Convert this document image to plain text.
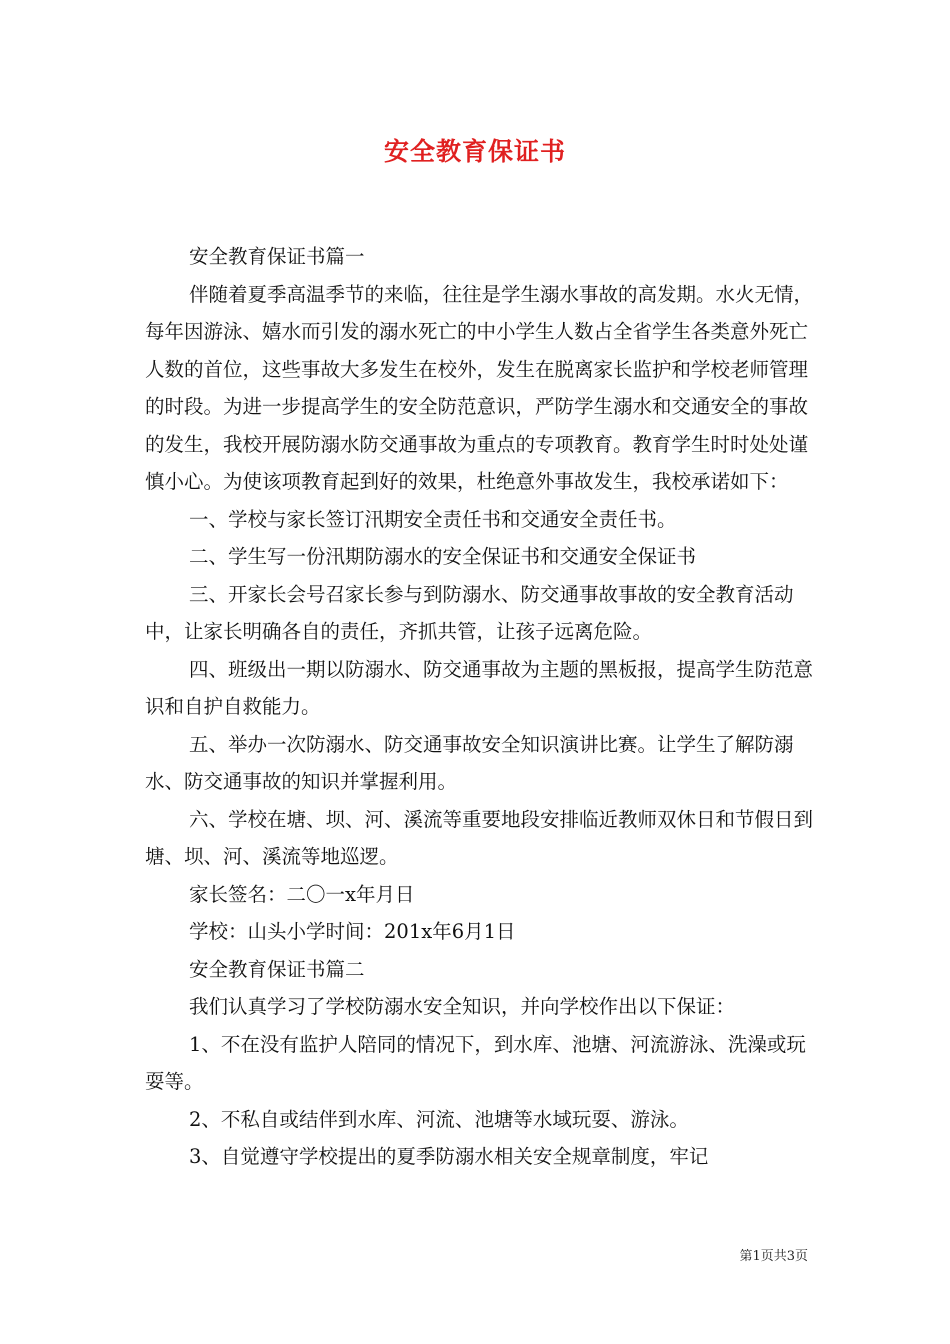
安全教育保证书

安全教育保证书篇一

伴随着夏季高温季节的来临，往往是学生溺水事故的高发期。水火无情，每年因游泳、嬉水而引发的溺水死亡的中小学生人数占全省学生各类意外死亡人数的首位，这些事故大多发生在校外，发生在脱离家长监护和学校老师管理的时段。为进一步提高学生的安全防范意识，严防学生溺水和交通安全的事故的发生，我校开展防溺水防交通事故为重点的专项教育。教育学生时时处处谨慎小心。为使该项教育起到好的效果，杜绝意外事故发生，我校承诺如下：

一、学校与家长签订汛期安全责任书和交通安全责任书。

二、学生写一份汛期防溺水的安全保证书和交通安全保证书

三、开家长会号召家长参与到防溺水、防交通事故事故的安全教育活动中，让家长明确各自的责任，齐抓共管，让孩子远离危险。

四、班级出一期以防溺水、防交通事故为主题的黑板报，提高学生防范意识和自护自救能力。

五、举办一次防溺水、防交通事故安全知识演讲比赛。让学生了解防溺水、防交通事故的知识并掌握利用。

六、学校在塘、坝、河、溪流等重要地段安排临近教师双休日和节假日到塘、坝、河、溪流等地巡逻。

家长签名：二〇一x年月日

学校：山头小学时间：201x年6月1日

安全教育保证书篇二

我们认真学习了学校防溺水安全知识，并向学校作出以下保证：

1、不在没有监护人陪同的情况下，到水库、池塘、河流游泳、洗澡或玩耍等。

2、不私自或结伴到水库、河流、池塘等水域玩耍、游泳。

3、自觉遵守学校提出的夏季防溺水相关安全规章制度，牢记

第1页共3页
